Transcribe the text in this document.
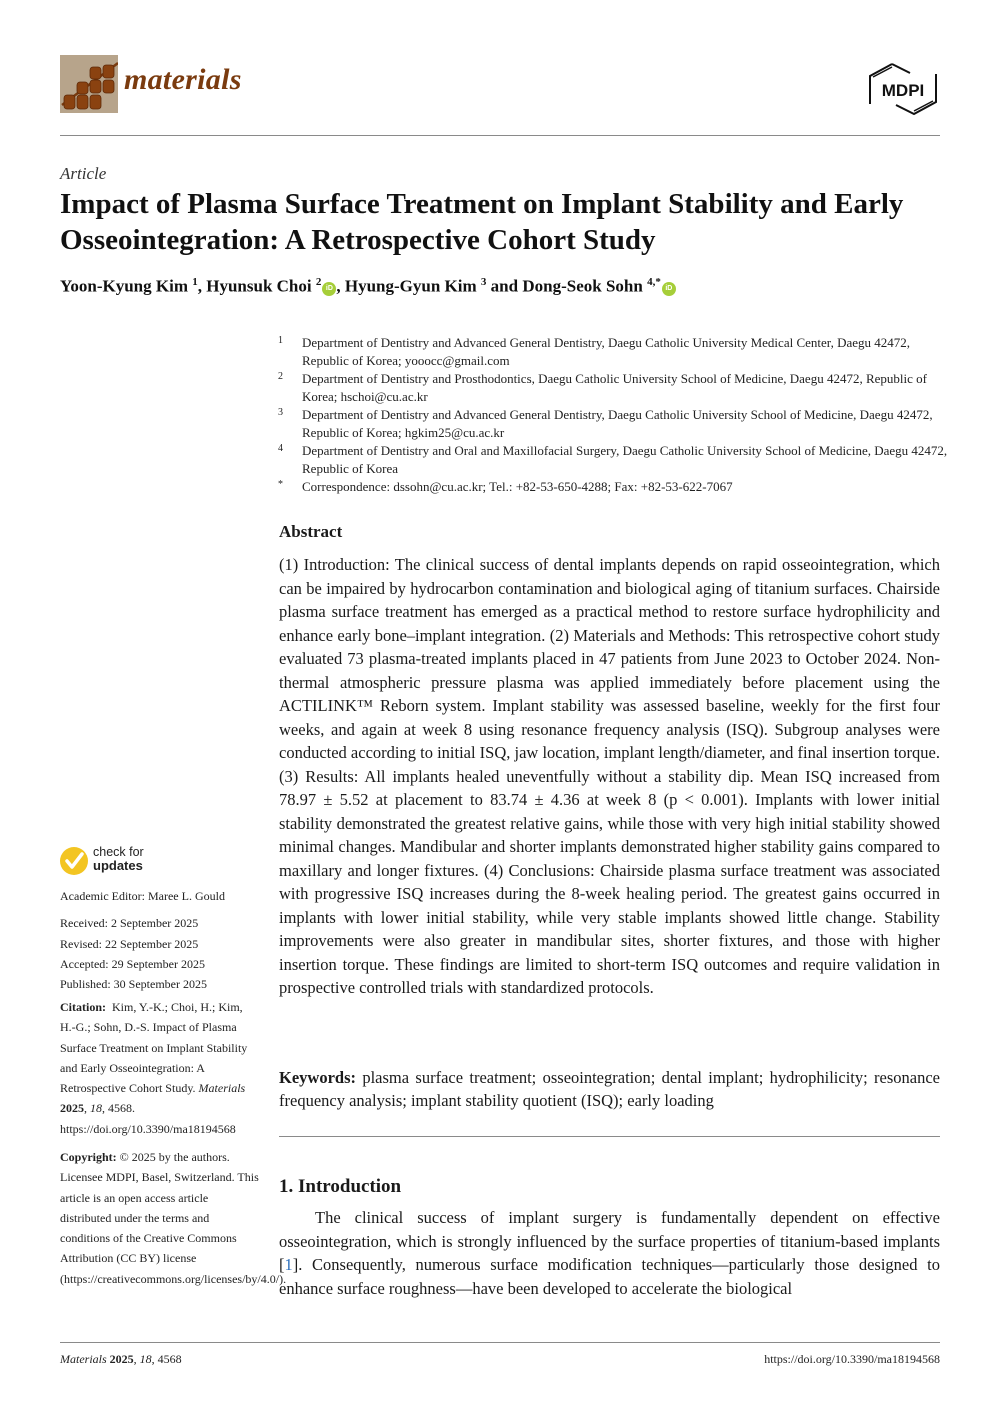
materials	MDPI
Article
Impact of Plasma Surface Treatment on Implant Stability and Early Osseointegration: A Retrospective Cohort Study
Yoon-Kyung Kim $^1$, Hyunsuk Choi $^2$iD , Hyung-Gyun Kim $^3$ and Dong-Seok Sohn $^{4,*}$iD
1 Department of Dentistry and Advanced General Dentistry, Daegu Catholic University Medical Center, Daegu 42472, Republic of Korea; yooocc@gmail.com
2 Department of Dentistry and Prosthodontics, Daegu Catholic University School of Medicine, Daegu 42472, Republic of Korea; hschoi@cu.ac.kr
3 Department of Dentistry and Advanced General Dentistry, Daegu Catholic University School of Medicine, Daegu 42472, Republic of Korea; hgkim25@cu.ac.kr
4 Department of Dentistry and Oral and Maxillofacial Surgery, Daegu Catholic University School of Medicine, Daegu 42472, Republic of Korea
* Correspondence: dssohn@cu.ac.kr; Tel.: +82-53-650-4288; Fax: +82-53-622-7067
Abstract
(1) Introduction: The clinical success of dental implants depends on rapid osseointegration, which can be impaired by hydrocarbon contamination and biological aging of titanium surfaces. Chairside plasma surface treatment has emerged as a practical method to restore surface hydrophilicity and enhance early bone–implant integration. (2) Materials and Methods: This retrospective cohort study evaluated 73 plasma-treated implants placed in 47 patients from June 2023 to October 2024. Non-thermal atmospheric pressure plasma was applied immediately before placement using the ACTILINK™ Reborn system. Implant stability was assessed baseline, weekly for the first four weeks, and again at week 8 using resonance frequency analysis (ISQ). Subgroup analyses were conducted according to initial ISQ, jaw location, implant length/diameter, and final insertion torque. (3) Results: All implants healed uneventfully without a stability dip. Mean ISQ increased from 78.97 ± 5.52 at placement to 83.74 ± 4.36 at week 8 (p < 0.001). Implants with lower initial stability demonstrated the greatest relative gains, while those with very high initial stability showed minimal changes. Mandibular and shorter implants demonstrated higher stability gains compared to maxillary and longer fixtures. (4) Conclusions: Chairside plasma surface treatment was associated with progressive ISQ increases during the 8-week healing period. The greatest gains occurred in implants with lower initial stability, while very stable implants showed little change. Stability improvements were also greater in mandibular sites, shorter fixtures, and those with higher insertion torque. These findings are limited to short-term ISQ outcomes and require validation in prospective controlled trials with standardized protocols.
Keywords: plasma surface treatment; osseointegration; dental implant; hydrophilicity; resonance frequency analysis; implant stability quotient (ISQ); early loading
1. Introduction
The clinical success of implant surgery is fundamentally dependent on effective osseointegration, which is strongly influenced by the surface properties of titanium-based implants [1]. Consequently, numerous surface modification techniques—particularly those designed to enhance surface roughness—have been developed to accelerate the biological
check for
updates
Academic Editor: Maree L. Gould
Received: 2 September 2025
Revised: 22 September 2025
Accepted: 29 September 2025
Published: 30 September 2025
Citation: Kim, Y.-K.; Choi, H.; Kim, H.-G.; Sohn, D.-S. Impact of Plasma Surface Treatment on Implant Stability and Early Osseointegration: A Retrospective Cohort Study. Materials 2025, 18, 4568. https://doi.org/10.3390/ma18194568
Copyright: © 2025 by the authors. Licensee MDPI, Basel, Switzerland. This article is an open access article distributed under the terms and conditions of the Creative Commons Attribution (CC BY) license (https://creativecommons.org/licenses/by/4.0/).
Materials 2025, 18, 4568	https://doi.org/10.3390/ma18194568
